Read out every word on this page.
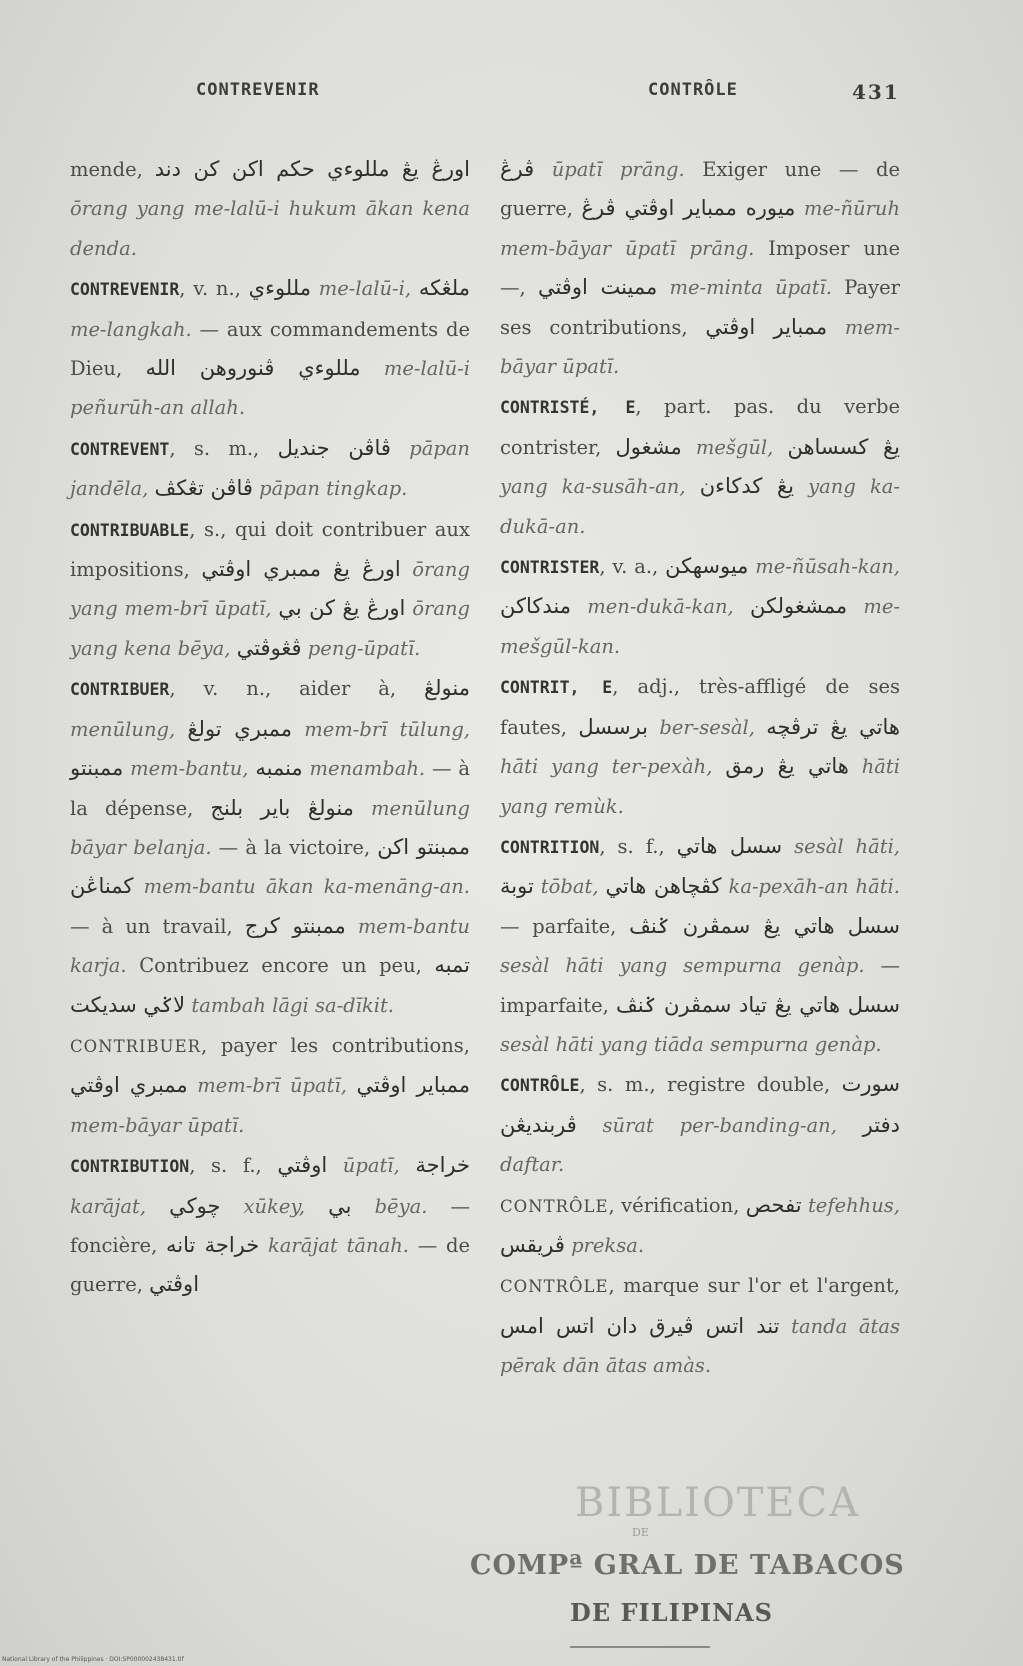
CONTREVENIR	CONTRÔLE	431

mende, اورڠ يڠ مللوءي حکم اکن کن دند ōrang yang me-lalū-i hukum ākan kena denda.

CONTREVENIR, v. n., مللوءي me-lalū-i, ملڠکه me-langkah. — aux commandements de Dieu, مللوءي ڤنوروهن الله me-lalū-i peñurūh-an allah.

CONTREVENT, s. m., ڤاڤن جنديل pāpan jandēla, ڤاڤن تڠکڤ pāpan tingkap.

CONTRIBUABLE, s., qui doit contribuer aux impositions, اورڠ يڠ ممبري اوڤتي ōrang yang mem-brī ūpatī, اورڠ يڠ کن بي ōrang yang kena bēya, ڤڠوڤتي peng-ūpatī.

CONTRIBUER, v. n., aider à, منولڠ menūlung, ممبري تولڠ mem-brī tūlung, ممبنتو mem-bantu, منمبه menambah. — à la dépense, منولڠ باير بلنج menūlung bāyar belanja. — à la victoire, ممبنتو اکن کمناڠن mem-bantu ākan ka-menāng-an. — à un travail, ممبنتو کرج mem-bantu karja. Contribuez encore un peu, تمبه لاݢي سديکت tambah lāgi sa-dīkit.

CONTRIBUER, payer les contributions, ممبري اوڤتي mem-brī ūpatī, ممباير اوڤتي mem-bāyar ūpatī.

CONTRIBUTION, s. f., اوڤتي ūpatī, خراجة karājat, چوکي xūkey, بي bēya. — foncière, خراجة تانه karājat tānah. — de guerre, اوڤتي

ڤرڠ ūpatī prāng. Exiger une — de guerre, ميوره ممباير اوڤتي ڤرڠ me-ñūruh mem-bāyar ūpatī prāng. Imposer une —, ممينت اوڤتي me-minta ūpatī. Payer ses contributions, ممباير اوڤتي mem-bāyar ūpatī.

CONTRISTÉ, E, part. pas. du verbe contrister, مشغول mešgūl, يڠ کسساهن yang ka-susāh-an, يڠ کدکاءن yang ka-dukā-an.

CONTRISTER, v. a., ميوسهکن me-ñūsah-kan, مندکاکن men-dukā-kan, ممشغولکن me-mešgūl-kan.

CONTRIT, E, adj., très-affligé de ses fautes, برسسل ber-sesàl, هاتي يڠ ترڤچه hāti yang ter-pexàh, هاتي يڠ رمق hāti yang remùk.

CONTRITION, s. f., سسل هاتي sesàl hāti, توبة tōbat, کڤچاهن هاتي ka-pexāh-an hāti. — parfaite, سسل هاتي يڠ سمڤرن ݢنڤ sesàl hāti yang sempurna genàp. — imparfaite, سسل هاتي يڠ تياد سمڤرن ݢنڤ sesàl hāti yang tiāda sempurna genàp.

CONTRÔLE, s. m., registre double, سورت ڤربنديڠن sūrat per-banding-an, دفتر daftar.

CONTRÔLE, vérification, تفحص tefehhus, ڤريقس preksa.

CONTRÔLE, marque sur l'or et l'argent, تند اتس ڤيرق دان اتس امس tanda ātas pērak dān ātas amàs.

BIBLIOTECA
DE
COMPª GRAL DE TABACOS
DE FILIPINAS
National Library of the Philippines · DOI:SP000002438431.tif
